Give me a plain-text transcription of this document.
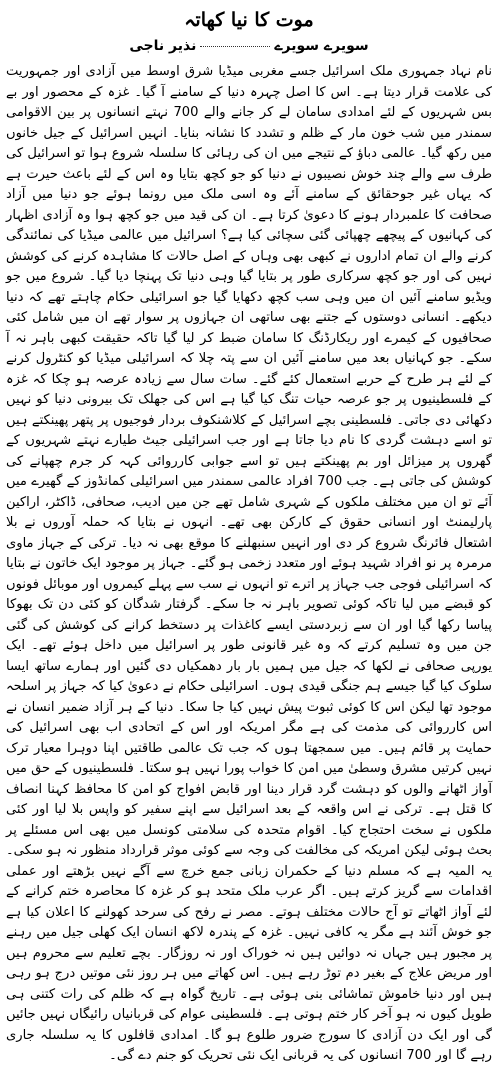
موت کا نیا کھاتہ
سویرے سویرے
نذیر ناجی

نام نہاد جمہوری ملک اسرائیل جسے مغربی میڈیا شرق اوسط میں آزادی اور جمہوریت کی علامت قرار دیتا ہے۔ اس کا اصل چہرہ دنیا کے سامنے آ گیا۔ غزہ کے محصور اور بے بس شہریوں کے لئے امدادی سامان لے کر جانے والے 700 نہتے انسانوں پر بین الاقوامی سمندر میں شب خون مار کے ظلم و تشدد کا نشانہ بنایا۔ انہیں اسرائیل کے جیل خانوں میں رکھ گیا۔ عالمی دباؤ کے نتیجے میں ان کی رہائی کا سلسلہ شروع ہوا تو اسرائیل کی طرف سے والے چند خوش نصیبوں نے دنیا کو جو کچھ بتایا وہ اس کے لئے باعث حیرت ہے کہ یہاں غیر جوحقائق کے سامنے آئے وہ اسی ملک میں رونما ہوئے جو دنیا میں آزاد صحافت کا علمبردار ہونے کا دعویٰ کرتا ہے۔ ان کی قید میں جو کچھ ہوا وہ آزادی اظہار کی کہانیوں کے پیچھے چھپائی گئی سچائی کیا ہے؟ اسرائیل میں عالمی میڈیا کی نمائندگی کرنے والے ان تمام اداروں نے کبھی بھی وہاں کے اصل حالات کا مشاہدہ کرنے کی کوشش نہیں کی اور جو کچھ سرکاری طور پر بتایا گیا وہی دنیا تک پہنچا دیا گیا۔ شروع میں جو ویڈیو سامنے آئیں ان میں وہی سب کچھ دکھایا گیا جو اسرائیلی حکام چاہتے تھے کہ دنیا دیکھے۔ انسانی دوستوں کے جتنے بھی ساتھی ان جہازوں پر سوار تھے ان میں شامل کئی صحافیوں کے کیمرے اور ریکارڈنگ کا سامان ضبط کر لیا گیا تاکہ حقیقت کبھی باہر نہ آ سکے۔ جو کہانیاں بعد میں سامنے آئیں ان سے پتہ چلا کہ اسرائیلی میڈیا کو کنٹرول کرنے کے لئے ہر طرح کے حربے استعمال کئے گئے۔ سات سال سے زیادہ عرصہ ہو چکا کہ غزہ کے فلسطینیوں پر جو عرصہ حیات تنگ کیا گیا ہے اس کی جھلک تک بیرونی دنیا کو نہیں دکھائی دی جاتی۔ فلسطینی بچے اسرائیل کے کلاشنکوف بردار فوجیوں پر پتھر پھینکتے ہیں تو اسے دہشت گردی کا نام دیا جاتا ہے اور جب اسرائیلی جیٹ طیارے نہتے شہریوں کے گھروں پر میزائل اور بم پھینکتے ہیں تو اسے جوابی کارروائی کہہ کر جرم چھپانے کی کوشش کی جاتی ہے۔ جب 700 افراد عالمی سمندر میں اسرائیلی کمانڈوز کے گھیرے میں آئے تو ان میں مختلف ملکوں کے شہری شامل تھے جن میں ادیب، صحافی، ڈاکٹر، اراکین پارلیمنٹ اور انسانی حقوق کے کارکن بھی تھے۔ انہوں نے بتایا کہ حملہ آوروں نے بلا اشتعال فائرنگ شروع کر دی اور انہیں سنبھلنے کا موقع بھی نہ دیا۔ ترکی کے جہاز ماوی مرمرہ پر نو افراد شہید ہوئے اور متعدد زخمی ہو گئے۔ جہاز پر موجود ایک خاتون نے بتایا کہ اسرائیلی فوجی جب جہاز پر اترے تو انہوں نے سب سے پہلے کیمروں اور موبائل فونوں کو قبضے میں لیا تاکہ کوئی تصویر باہر نہ جا سکے۔ گرفتار شدگان کو کئی دن تک بھوکا پیاسا رکھا گیا اور ان سے زبردستی ایسے کاغذات پر دستخط کرانے کی کوشش کی گئی جن میں وہ تسلیم کرتے کہ وہ غیر قانونی طور پر اسرائیل میں داخل ہوئے تھے۔ ایک یورپی صحافی نے لکھا کہ جیل میں ہمیں بار بار دھمکیاں دی گئیں اور ہمارے ساتھ ایسا سلوک کیا گیا جیسے ہم جنگی قیدی ہوں۔ اسرائیلی حکام نے دعویٰ کیا کہ جہاز پر اسلحہ موجود تھا لیکن اس کا کوئی ثبوت پیش نہیں کیا جا سکا۔ دنیا کے ہر آزاد ضمیر انسان نے اس کارروائی کی مذمت کی ہے مگر امریکہ اور اس کے اتحادی اب بھی اسرائیل کی حمایت پر قائم ہیں۔ میں سمجھتا ہوں کہ جب تک عالمی طاقتیں اپنا دوہرا معیار ترک نہیں کرتیں مشرق وسطیٰ میں امن کا خواب پورا نہیں ہو سکتا۔ فلسطینیوں کے حق میں آواز اٹھانے والوں کو دہشت گرد قرار دینا اور قابض افواج کو امن کا محافظ کہنا انصاف کا قتل ہے۔ ترکی نے اس واقعہ کے بعد اسرائیل سے اپنے سفیر کو واپس بلا لیا اور کئی ملکوں نے سخت احتجاج کیا۔ اقوام متحدہ کی سلامتی کونسل میں بھی اس مسئلے پر بحث ہوئی لیکن امریکہ کی مخالفت کی وجہ سے کوئی موثر قرارداد منظور نہ ہو سکی۔ یہ المیہ ہے کہ مسلم دنیا کے حکمران زبانی جمع خرچ سے آگے نہیں بڑھتے اور عملی اقدامات سے گریز کرتے ہیں۔ اگر عرب ملک متحد ہو کر غزہ کا محاصرہ ختم کرانے کے لئے آواز اٹھاتے تو آج حالات مختلف ہوتے۔ مصر نے رفح کی سرحد کھولنے کا اعلان کیا ہے جو خوش آئند ہے مگر یہ کافی نہیں۔ غزہ کے پندرہ لاکھ انسان ایک کھلی جیل میں رہنے پر مجبور ہیں جہاں نہ دوائیں ہیں نہ خوراک اور نہ روزگار۔ بچے تعلیم سے محروم ہیں اور مریض علاج کے بغیر دم توڑ رہے ہیں۔ اس کھاتے میں ہر روز نئی موتیں درج ہو رہی ہیں اور دنیا خاموش تماشائی بنی ہوئی ہے۔ تاریخ گواہ ہے کہ ظلم کی رات کتنی ہی طویل کیوں نہ ہو آخر کار ختم ہوتی ہے۔ فلسطینی عوام کی قربانیاں رائیگاں نہیں جائیں گی اور ایک دن آزادی کا سورج ضرور طلوع ہو گا۔ امدادی قافلوں کا یہ سلسلہ جاری رہے گا اور 700 انسانوں کی یہ قربانی ایک نئی تحریک کو جنم دے گی۔
